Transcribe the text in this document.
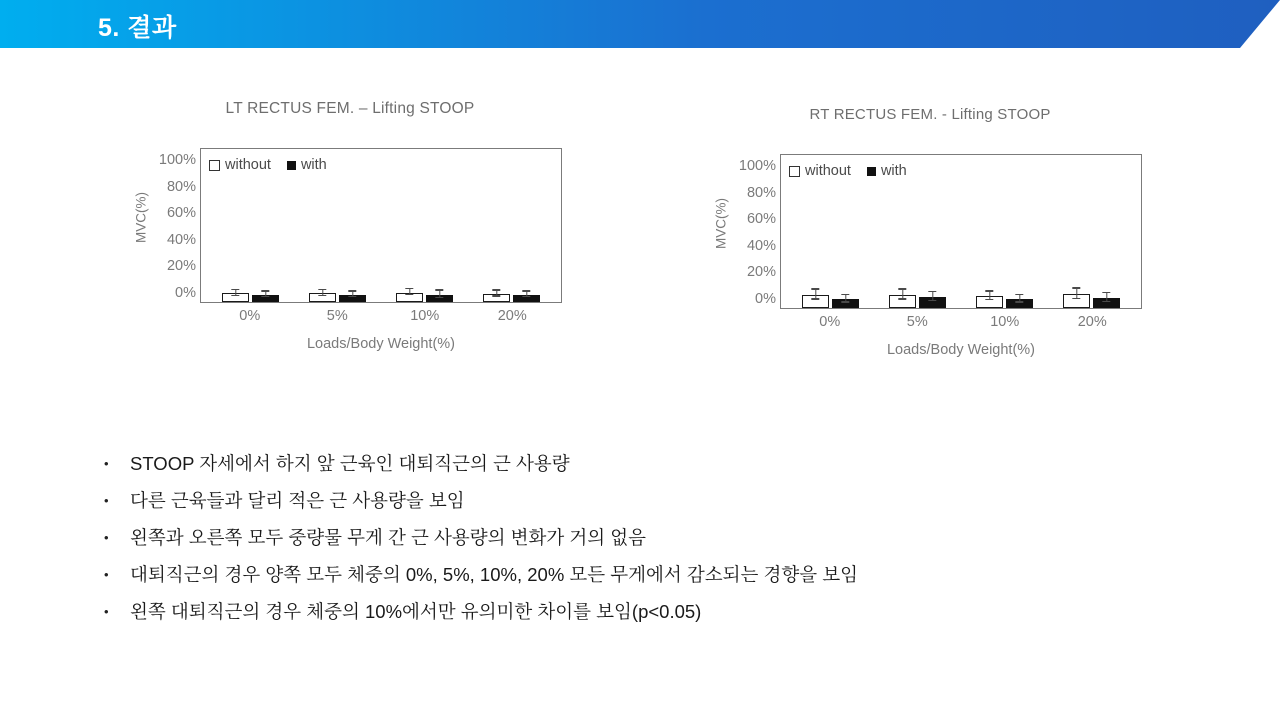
5. 결과
LT RECTUS FEM. – Lifting STOOP
MVC(%)
100%
80%
60%
40%
20%
0%
without with
0%	5%	10%	20%
Loads/Body Weight(%)
RT RECTUS FEM. - Lifting STOOP
MVC(%)
100%
80%
60%
40%
20%
0%
without with
0%	5%	10%	20%
Loads/Body Weight(%)
•	STOOP 자세에서 하지 앞 근육인 대퇴직근의 근 사용량
•	다른 근육들과 달리 적은 근 사용량을 보임
•	왼쪽과 오른쪽 모두 중량물 무게 간 근 사용량의 변화가 거의 없음
•	대퇴직근의 경우 양쪽 모두 체중의 0%, 5%, 10%, 20% 모든 무게에서 감소되는 경향을 보임
•	왼쪽 대퇴직근의 경우 체중의 10%에서만 유의미한 차이를 보임(p<0.05)
